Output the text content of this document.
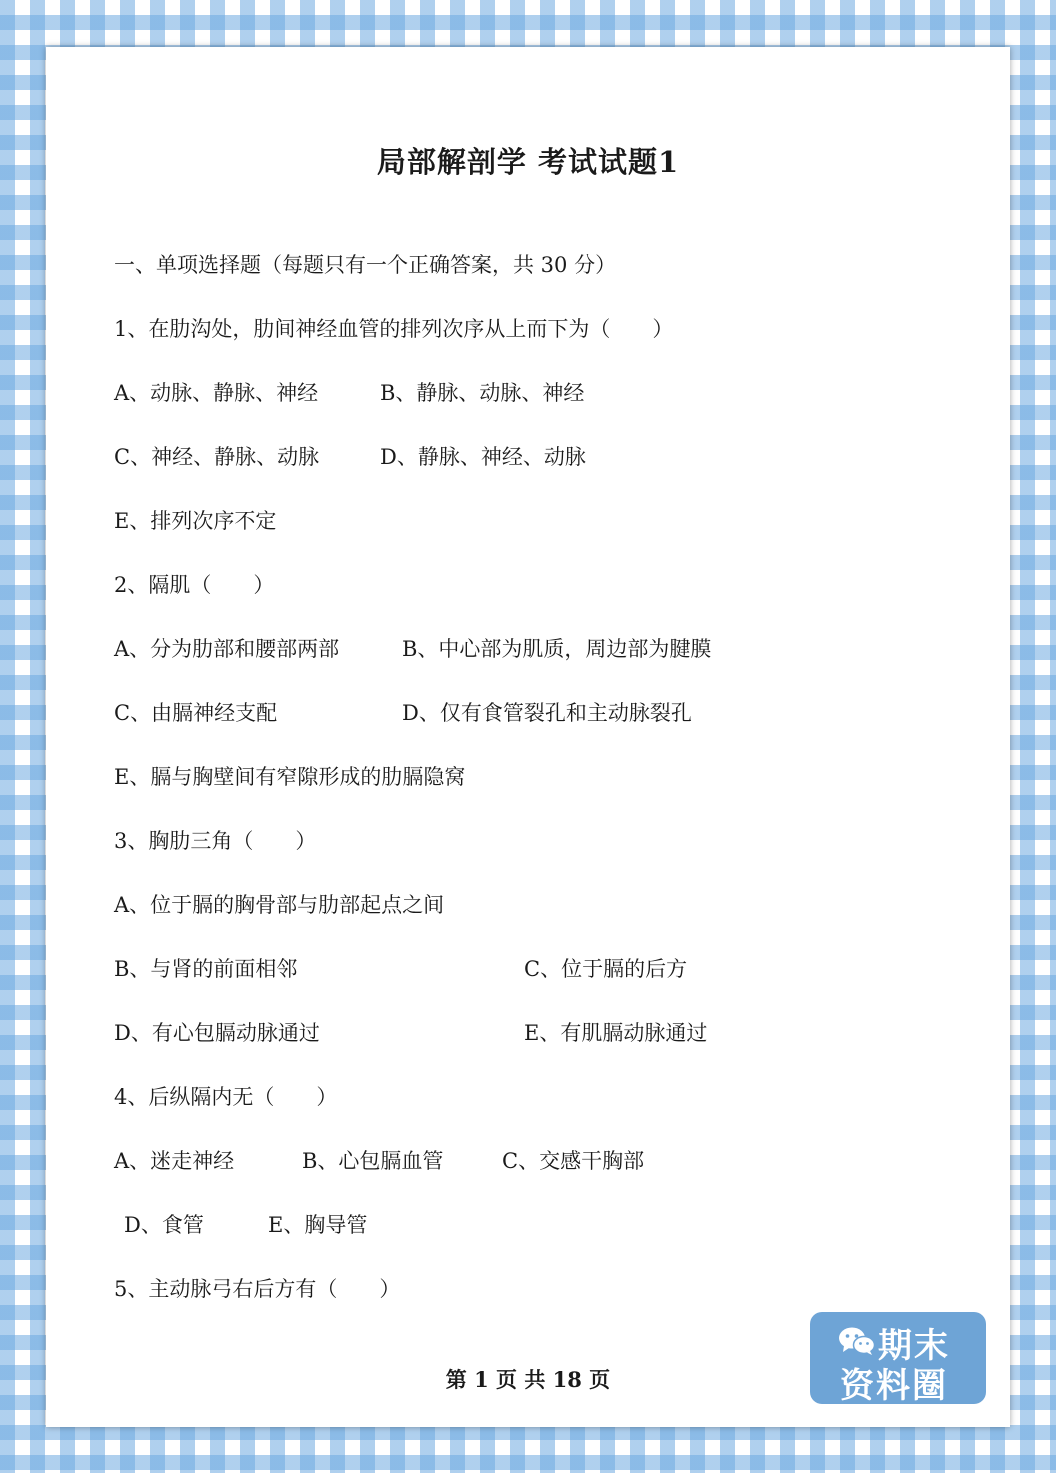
局部解剖学 考试试题1
一、单项选择题（每题只有一个正确答案，共 30 分）
1、在肋沟处，肋间神经血管的排列次序从上而下为（　　）
A、动脉、静脉、神经	B、静脉、动脉、神经
C、神经、静脉、动脉	D、静脉、神经、动脉
E、排列次序不定
2、隔肌（　　）
A、分为肋部和腰部两部	B、中心部为肌质，周边部为腱膜
C、由膈神经支配	D、仅有食管裂孔和主动脉裂孔
E、膈与胸壁间有窄隙形成的肋膈隐窝
3、胸肋三角（　　）
A、位于膈的胸骨部与肋部起点之间
B、与肾的前面相邻	C、位于膈的后方
D、有心包膈动脉通过	E、有肌膈动脉通过
4、后纵隔内无（　　）
A、迷走神经	B、心包膈血管	C、交感干胸部
D、食管	E、胸导管
5、主动脉弓右后方有（　　）
第 1 页 共 18 页
期末
资料圈
